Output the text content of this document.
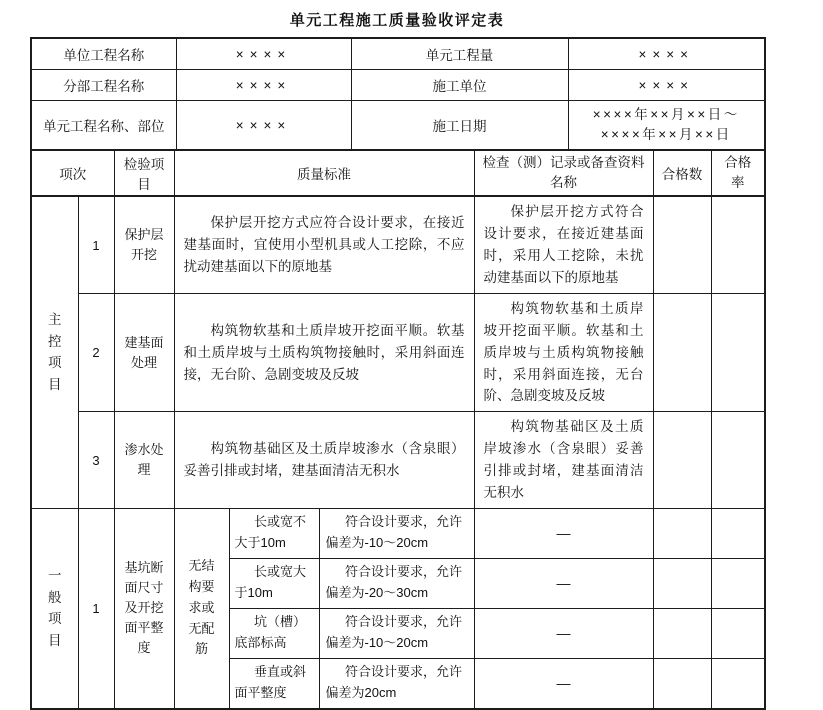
单元工程施工质量验收评定表
单位工程名称	××××	单元工程量	××××
分部工程名称	××××	施工单位	××××
单元工程名称、部位	××××	施工日期	××××年××月××日～
××××年××月××日
项次		检验项目	质量标准			检查（测）记录或备查资料名称	合格数	合格率
主控项目	1	保护层开挖	保护层开挖方式应符合设计要求，在接近建基面时，宜使用小型机具或人工挖除，不应扰动建基面以下的原地基			保护层开挖方式符合设计要求，在接近建基面时，采用人工挖除，未扰动建基面以下的原地基		
	2	建基面处理	构筑物软基和土质岸坡开挖面平顺。软基和土质岸坡与土质构筑物接触时，采用斜面连接，无台阶、急剧变坡及反坡			构筑物软基和土质岸坡开挖面平顺。软基和土质岸坡与土质构筑物接触时，采用斜面连接，无台阶、急剧变坡及反坡		
	3	渗水处理	构筑物基础区及土质岸坡渗水（含泉眼）妥善引排或封堵，建基面清洁无积水			构筑物基础区及土质岸坡渗水（含泉眼）妥善引排或封堵，建基面清洁无积水		
一般项目	1	基坑断面尺寸及开挖面平整度	无结构要求或无配筋	长或宽不大于10m	符合设计要求，允许偏差为-10～20cm	—		
				长或宽大于10m	符合设计要求，允许偏差为-20～30cm	—		
				坑（槽）底部标高	符合设计要求，允许偏差为-10～20cm	—		
				垂直或斜面平整度	符合设计要求，允许偏差为20cm	—		
